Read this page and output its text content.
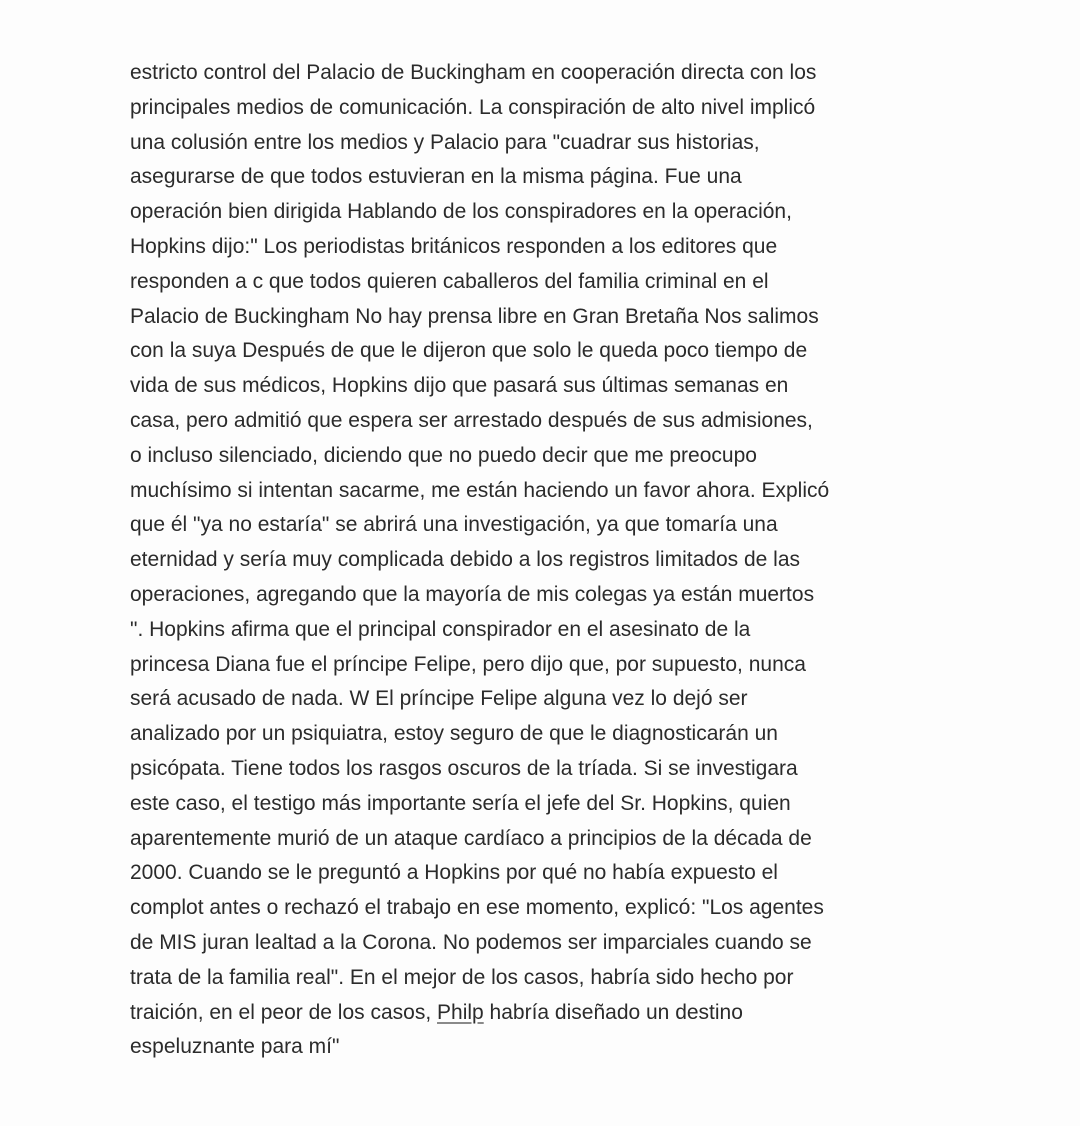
estricto control del Palacio de Buckingham en cooperación directa con los
principales medios de comunicación. La conspiración de alto nivel implicó
una colusión entre los medios y Palacio para "cuadrar sus historias,
asegurarse de que todos estuvieran en la misma página. Fue una
operación bien dirigida Hablando de los conspiradores en la operación,
Hopkins dijo:" Los periodistas británicos responden a los editores que
responden a c que todos quieren caballeros del familia criminal en el
Palacio de Buckingham No hay prensa libre en Gran Bretaña Nos salimos
con la suya Después de que le dijeron que solo le queda poco tiempo de
vida de sus médicos, Hopkins dijo que pasará sus últimas semanas en
casa, pero admitió que espera ser arrestado después de sus admisiones,
o incluso silenciado, diciendo que no puedo decir que me preocupo
muchísimo si intentan sacarme, me están haciendo un favor ahora. Explicó
que él "ya no estaría" se abrirá una investigación, ya que tomaría una
eternidad y sería muy complicada debido a los registros limitados de las
operaciones, agregando que la mayoría de mis colegas ya están muertos
". Hopkins afirma que el principal conspirador en el asesinato de la
princesa Diana fue el príncipe Felipe, pero dijo que, por supuesto, nunca
será acusado de nada. W El príncipe Felipe alguna vez lo dejó ser
analizado por un psiquiatra, estoy seguro de que le diagnosticarán un
psicópata. Tiene todos los rasgos oscuros de la tríada. Si se investigara
este caso, el testigo más importante sería el jefe del Sr. Hopkins, quien
aparentemente murió de un ataque cardíaco a principios de la década de
2000. Cuando se le preguntó a Hopkins por qué no había expuesto el
complot antes o rechazó el trabajo en ese momento, explicó: "Los agentes
de MIS juran lealtad a la Corona. No podemos ser imparciales cuando se
trata de la familia real". En el mejor de los casos, habría sido hecho por
traición, en el peor de los casos, Philp habría diseñado un destino
espeluznante para mí"
